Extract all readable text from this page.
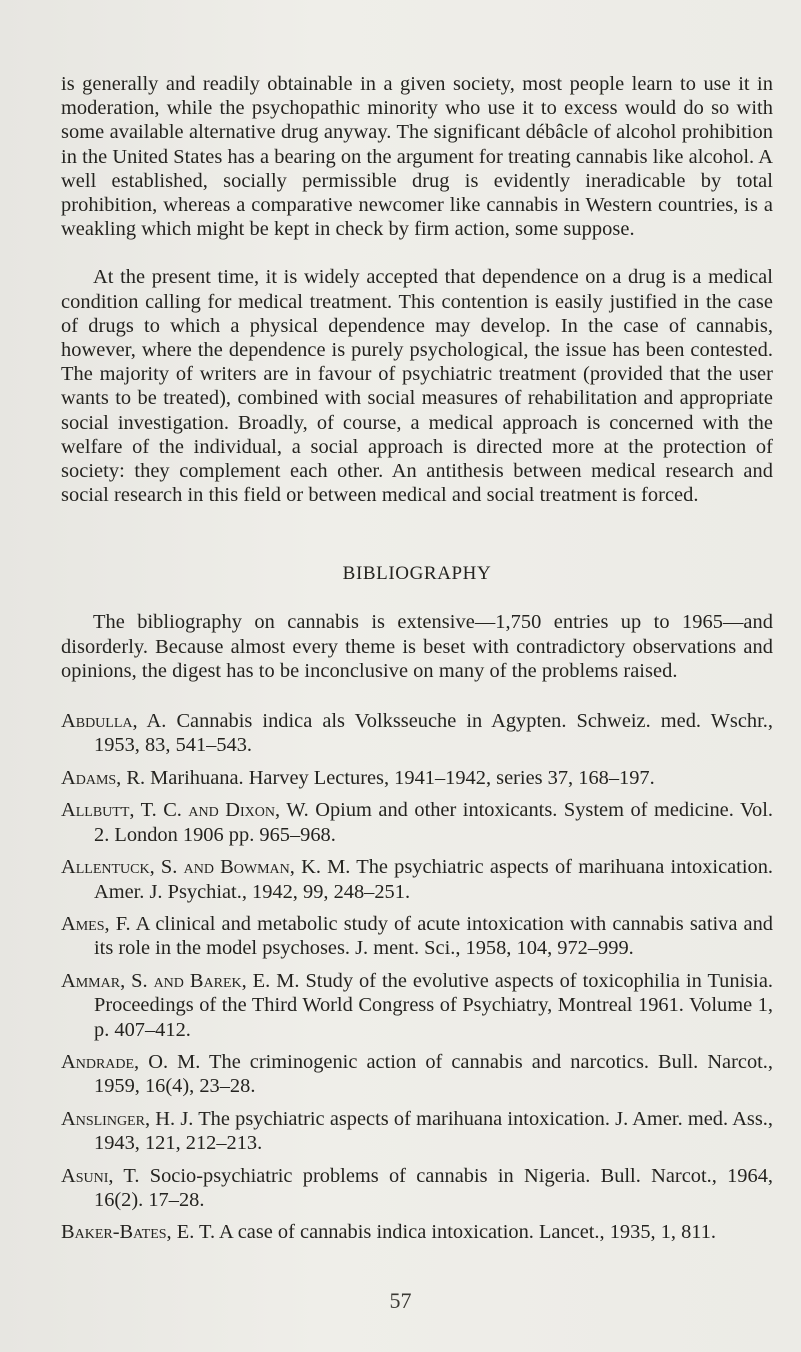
is generally and readily obtainable in a given society, most people learn to use it in moderation, while the psychopathic minority who use it to excess would do so with some available alternative drug anyway. The significant débâcle of alcohol prohibition in the United States has a bearing on the argument for treating cannabis like alcohol. A well established, socially permissible drug is evidently ineradicable by total prohibition, whereas a comparative newcomer like cannabis in Western countries, is a weakling which might be kept in check by firm action, some suppose.

At the present time, it is widely accepted that dependence on a drug is a medical condition calling for medical treatment. This contention is easily justified in the case of drugs to which a physical dependence may develop. In the case of cannabis, however, where the dependence is purely psychological, the issue has been contested. The majority of writers are in favour of psychiatric treatment (provided that the user wants to be treated), combined with social measures of rehabilitation and appropriate social investigation. Broadly, of course, a medical approach is concerned with the welfare of the individual, a social approach is directed more at the protection of society: they complement each other. An antithesis between medical research and social research in this field or between medical and social treatment is forced.

BIBLIOGRAPHY

The bibliography on cannabis is extensive—1,750 entries up to 1965—and disorderly. Because almost every theme is beset with contradictory observations and opinions, the digest has to be inconclusive on many of the problems raised.

Abdulla, A. Cannabis indica als Volksseuche in Agypten. Schweiz. med. Wschr., 1953, 83, 541–543.
Adams, R. Marihuana. Harvey Lectures, 1941–1942, series 37, 168–197.
Allbutt, T. C. and Dixon, W. Opium and other intoxicants. System of medicine. Vol. 2. London 1906 pp. 965–968.
Allentuck, S. and Bowman, K. M. The psychiatric aspects of marihuana intoxication. Amer. J. Psychiat., 1942, 99, 248–251.
Ames, F. A clinical and metabolic study of acute intoxication with cannabis sativa and its role in the model psychoses. J. ment. Sci., 1958, 104, 972–999.
Ammar, S. and Barek, E. M. Study of the evolutive aspects of toxicophilia in Tunisia. Proceedings of the Third World Congress of Psychiatry, Montreal 1961. Volume 1, p. 407–412.
Andrade, O. M. The criminogenic action of cannabis and narcotics. Bull. Narcot., 1959, 16(4), 23–28.
Anslinger, H. J. The psychiatric aspects of marihuana intoxication. J. Amer. med. Ass., 1943, 121, 212–213.
Asuni, T. Socio-psychiatric problems of cannabis in Nigeria. Bull. Narcot., 1964, 16(2). 17–28.
Baker-Bates, E. T. A case of cannabis indica intoxication. Lancet., 1935, 1, 811.
57
